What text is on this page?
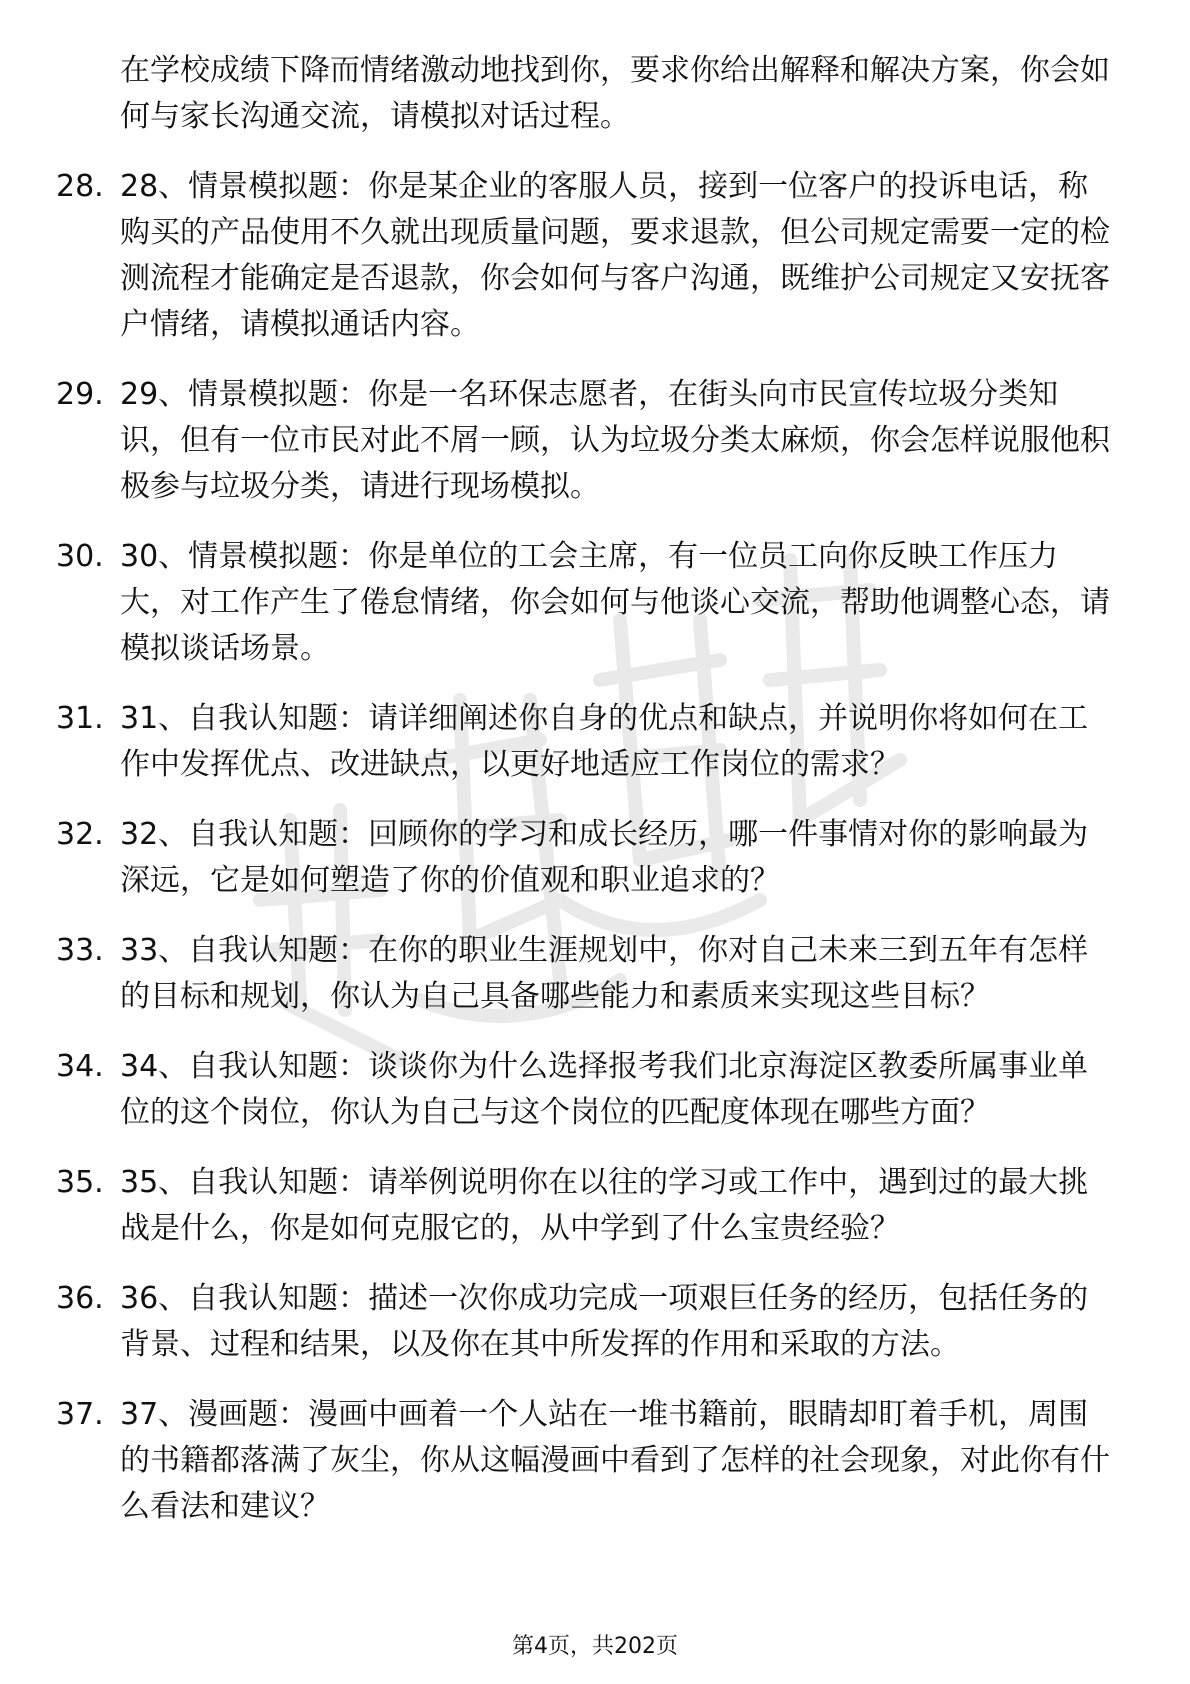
在学校成绩下降而情绪激动地找到你，要求你给出解释和解决方案，你会如何与家长沟通交流，请模拟对话过程。
28. 28、情景模拟题：你是某企业的客服人员，接到一位客户的投诉电话，称购买的产品使用不久就出现质量问题，要求退款，但公司规定需要一定的检测流程才能确定是否退款，你会如何与客户沟通，既维护公司规定又安抚客户情绪，请模拟通话内容。
29. 29、情景模拟题：你是一名环保志愿者，在街头向市民宣传垃圾分类知识，但有一位市民对此不屑一顾，认为垃圾分类太麻烦，你会怎样说服他积极参与垃圾分类，请进行现场模拟。
30. 30、情景模拟题：你是单位的工会主席，有一位员工向你反映工作压力大，对工作产生了倦怠情绪，你会如何与他谈心交流，帮助他调整心态，请模拟谈话场景。
31. 31、自我认知题：请详细阐述你自身的优点和缺点，并说明你将如何在工作中发挥优点、改进缺点，以更好地适应工作岗位的需求？
32. 32、自我认知题：回顾你的学习和成长经历，哪一件事情对你的影响最为深远，它是如何塑造了你的价值观和职业追求的？
33. 33、自我认知题：在你的职业生涯规划中，你对自己未来三到五年有怎样的目标和规划，你认为自己具备哪些能力和素质来实现这些目标？
34. 34、自我认知题：谈谈你为什么选择报考我们北京海淀区教委所属事业单位的这个岗位，你认为自己与这个岗位的匹配度体现在哪些方面？
35. 35、自我认知题：请举例说明你在以往的学习或工作中，遇到过的最大挑战是什么，你是如何克服它的，从中学到了什么宝贵经验？
36. 36、自我认知题：描述一次你成功完成一项艰巨任务的经历，包括任务的背景、过程和结果，以及你在其中所发挥的作用和采取的方法。
37. 37、漫画题：漫画中画着一个人站在一堆书籍前，眼睛却盯着手机，周围的书籍都落满了灰尘，你从这幅漫画中看到了怎样的社会现象，对此你有什么看法和建议？
第4页，共202页
